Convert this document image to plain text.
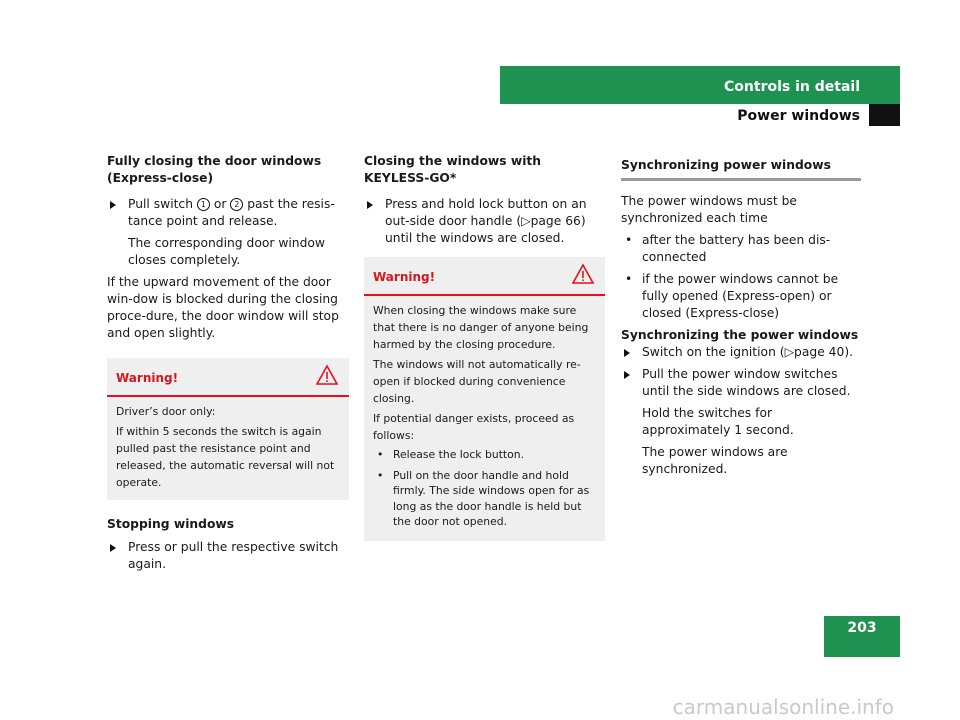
Controls in detail
Power windows

Fully closing the door windows
(Express-close)

Pull switch 1 or 2 past the resis-
tance point and release.

The corresponding door window closes completely.

If the upward movement of the door win-dow is blocked during the closing proce-dure, the door window will stop and open slightly.

Warning!

Driver’s door only:

If within 5 seconds the switch is again pulled past the resistance point and released, the automatic reversal will not operate.

Stopping windows

Press or pull the respective switch again.

Closing the windows with
KEYLESS-GO*

Press and hold lock button on an out-side door handle (▷page 66) until the windows are closed.
Warning!

When closing the windows make sure that there is no danger of anyone being harmed by the closing procedure.

The windows will not automatically re-open if blocked during convenience closing.

If potential danger exists, proceed as follows:

• Release the lock button.
• Pull on the door handle and hold firmly. The side windows open for as long as the door handle is held but the door not opened.

Synchronizing power windows

The power windows must be synchronized each time

• after the battery has been dis-connected
• if the power windows cannot be fully opened (Express-open) or closed (Express-close)

Synchronizing the power windows

Switch on the ignition (▷page 40).
Pull the power window switches until the side windows are closed.

Hold the switches for approximately 1 second.

The power windows are synchronized.

203
carmanualsonline.info
